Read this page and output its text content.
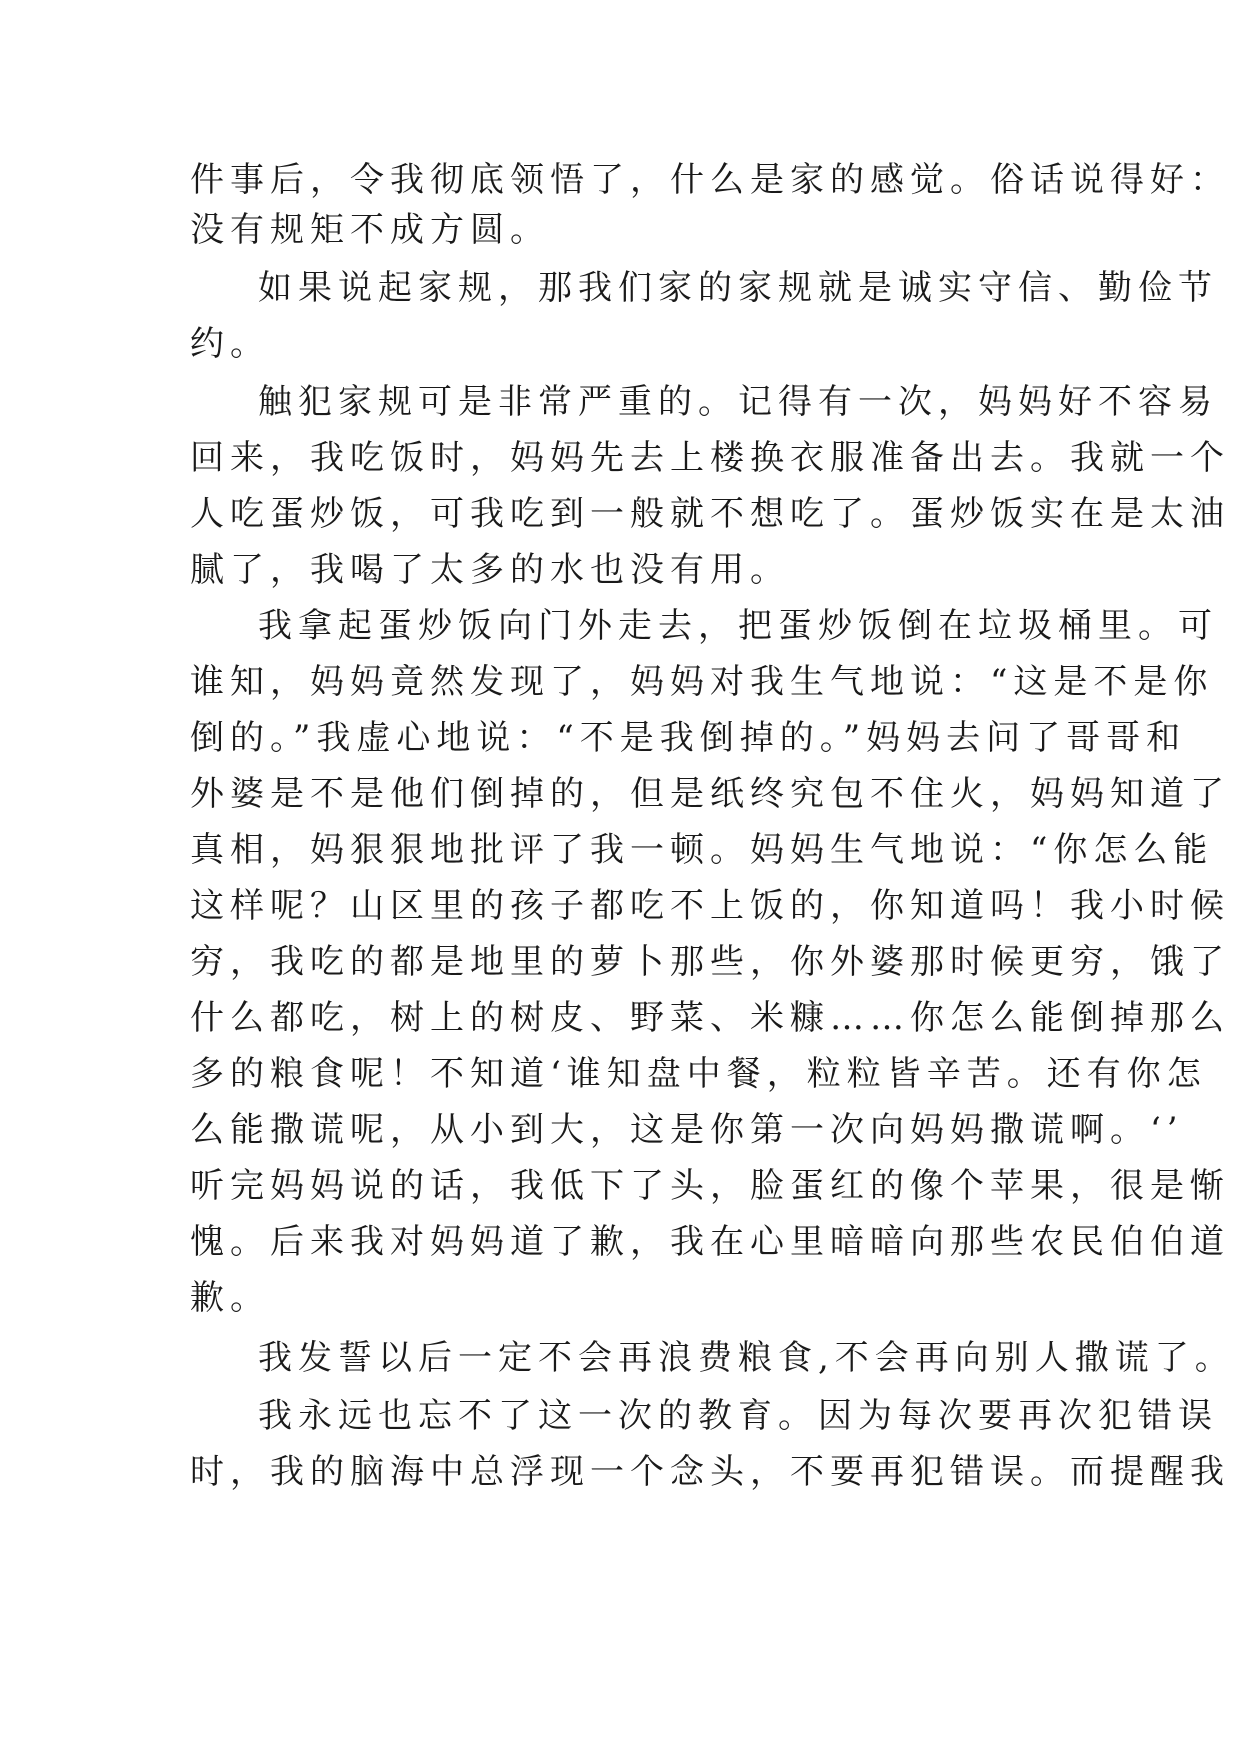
件事后，令我彻底领悟了，什么是家的感觉。俗话说得好：
没有规矩不成方圆。
如果说起家规，那我们家的家规就是诚实守信、勤俭节
约。
触犯家规可是非常严重的。记得有一次，妈妈好不容易
回来，我吃饭时，妈妈先去上楼换衣服准备出去。我就一个
人吃蛋炒饭，可我吃到一般就不想吃了。蛋炒饭实在是太油
腻了，我喝了太多的水也没有用。
我拿起蛋炒饭向门外走去，把蛋炒饭倒在垃圾桶里。可
谁知，妈妈竟然发现了，妈妈对我生气地说：“这是不是你
倒的。”我虚心地说：“不是我倒掉的。”妈妈去问了哥哥和
外婆是不是他们倒掉的，但是纸终究包不住火，妈妈知道了
真相，妈狠狠地批评了我一顿。妈妈生气地说：“你怎么能
这样呢？山区里的孩子都吃不上饭的，你知道吗！我小时候
穷，我吃的都是地里的萝卜那些，你外婆那时候更穷，饿了
什么都吃，树上的树皮、野菜、米糠……你怎么能倒掉那么
多的粮食呢！不知道‘谁知盘中餐，粒粒皆辛苦。还有你怎
么能撒谎呢，从小到大，这是你第一次向妈妈撒谎啊。‘’
听完妈妈说的话，我低下了头，脸蛋红的像个苹果，很是惭
愧。后来我对妈妈道了歉，我在心里暗暗向那些农民伯伯道
歉。
我发誓以后一定不会再浪费粮食,不会再向别人撒谎了。
我永远也忘不了这一次的教育。因为每次要再次犯错误
时，我的脑海中总浮现一个念头，不要再犯错误。而提醒我
